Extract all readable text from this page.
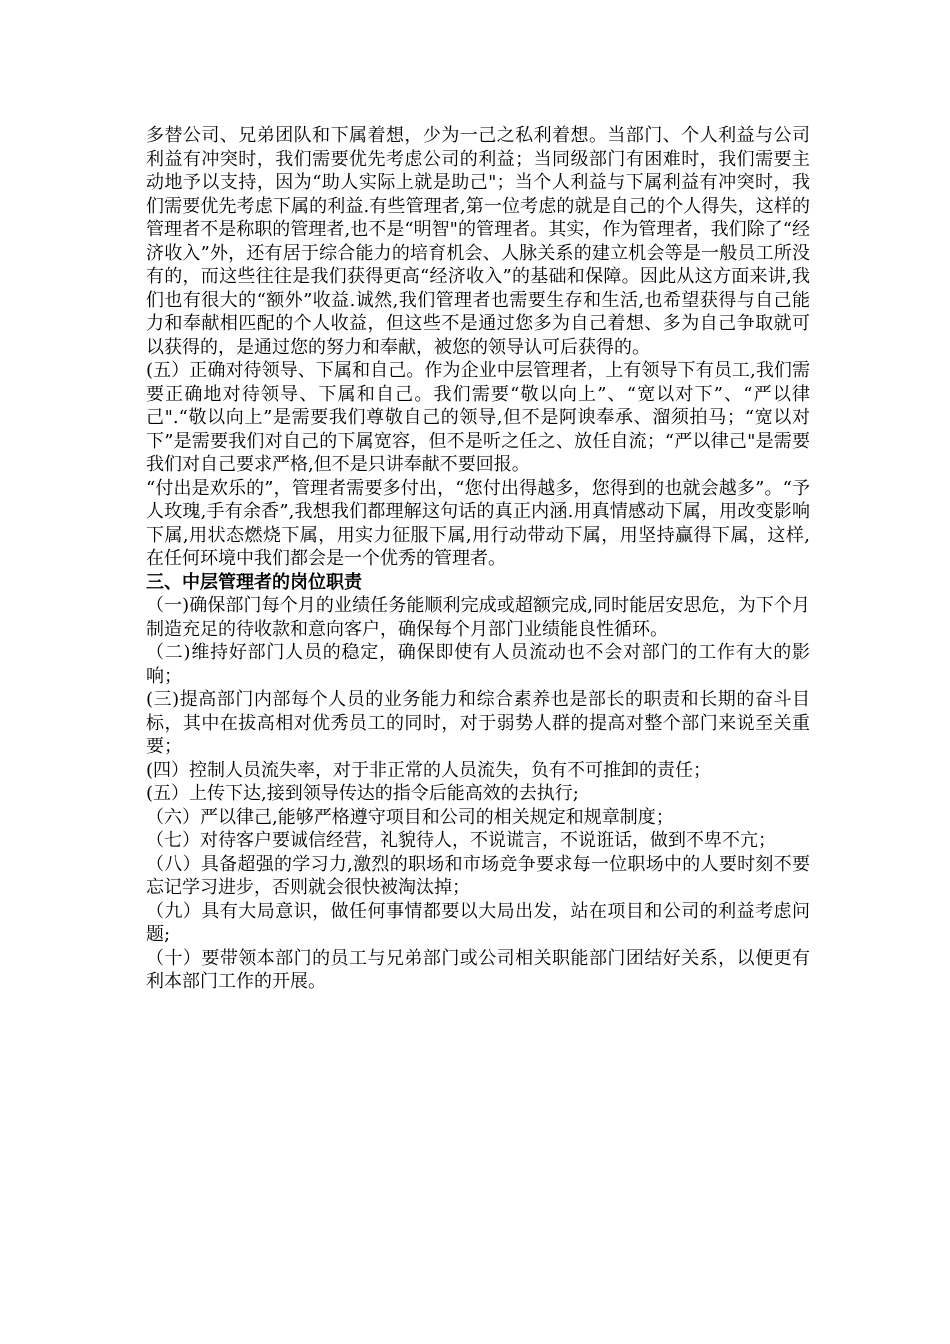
多替公司、兄弟团队和下属着想，少为一己之私利着想。当部门、个人利益与公司利益有冲突时，我们需要优先考虑公司的利益；当同级部门有困难时，我们需要主动地予以支持，因为“助人实际上就是助己"；当个人利益与下属利益有冲突时，我们需要优先考虑下属的利益.有些管理者,第一位考虑的就是自己的个人得失，这样的管理者不是称职的管理者,也不是“明智"的管理者。其实，作为管理者，我们除了“经济收入”外，还有居于综合能力的培育机会、人脉关系的建立机会等是一般员工所没有的，而这些往往是我们获得更高“经济收入”的基础和保障。因此从这方面来讲,我们也有很大的“额外”收益.诚然,我们管理者也需要生存和生活,也希望获得与自己能力和奉献相匹配的个人收益，但这些不是通过您多为自己着想、多为自己争取就可以获得的，是通过您的努力和奉献，被您的领导认可后获得的。

(五）正确对待领导、下属和自己。作为企业中层管理者，上有领导下有员工,我们需要正确地对待领导、下属和自己。我们需要“敬以向上”、“宽以对下”、“严以律己".“敬以向上”是需要我们尊敬自己的领导,但不是阿谀奉承、溜须拍马；“宽以对下”是需要我们对自己的下属宽容，但不是听之任之、放任自流；“严以律己"是需要我们对自己要求严格,但不是只讲奉献不要回报。

“付出是欢乐的”，管理者需要多付出，“您付出得越多，您得到的也就会越多”。“予人玫瑰,手有余香”,我想我们都理解这句话的真正内涵.用真情感动下属，用改变影响下属,用状态燃烧下属，用实力征服下属,用行动带动下属，用坚持赢得下属，这样,在任何环境中我们都会是一个优秀的管理者。

三、中层管理者的岗位职责

（一)确保部门每个月的业绩任务能顺利完成或超额完成,同时能居安思危，为下个月制造充足的待收款和意向客户，确保每个月部门业绩能良性循环。

（二)维持好部门人员的稳定，确保即使有人员流动也不会对部门的工作有大的影响；

(三)提高部门内部每个人员的业务能力和综合素养也是部长的职责和长期的奋斗目标，其中在拔高相对优秀员工的同时，对于弱势人群的提高对整个部门来说至关重要；

(四）控制人员流失率，对于非正常的人员流失，负有不可推卸的责任；

(五）上传下达,接到领导传达的指令后能高效的去执行;

（六）严以律己,能够严格遵守项目和公司的相关规定和规章制度；

（七）对待客户要诚信经营，礼貌待人，不说谎言，不说诳话，做到不卑不亢；

（八）具备超强的学习力,激烈的职场和市场竞争要求每一位职场中的人要时刻不要忘记学习进步，否则就会很快被淘汰掉；

（九）具有大局意识，做任何事情都要以大局出发，站在项目和公司的利益考虑问题;

（十）要带领本部门的员工与兄弟部门或公司相关职能部门团结好关系，以便更有利本部门工作的开展。
